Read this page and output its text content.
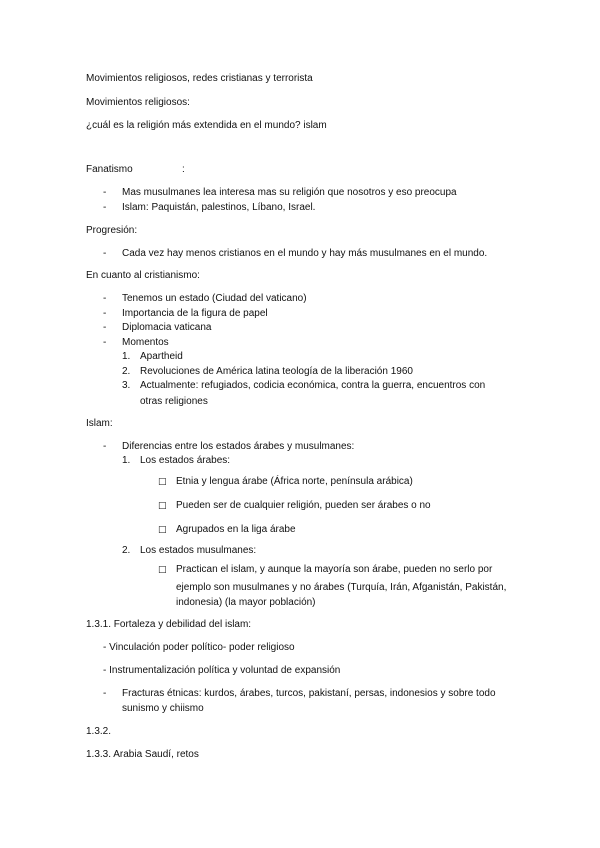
Movimientos religiosos, redes cristianas y terrorista
Movimientos religiosos:
¿cuál es la religión más extendida en el mundo? islam
Fanatismo	:
- Mas musulmanes lea interesa mas su religión que nosotros y eso preocupa
- Islam: Paquistán, palestinos, Líbano, Israel.
Progresión:
- Cada vez hay menos cristianos en el mundo y hay más musulmanes en el mundo.
En cuanto al cristianismo:
- Tenemos un estado (Ciudad del vaticano)
- Importancia de la figura de papel
- Diplomacia vaticana
- Momentos
1. Apartheid
2. Revoluciones de América latina teología de la liberación 1960
3. Actualmente: refugiados, codicia económica, contra la guerra, encuentros con
otras religiones
Islam:
- Diferencias entre los estados árabes y musulmanes:
1. Los estados árabes:
□ Etnia y lengua árabe (África norte, península arábica)
□ Pueden ser de cualquier religión, pueden ser árabes o no
□ Agrupados en la liga árabe
2. Los estados musulmanes:
□ Practican el islam, y aunque la mayoría son árabe, pueden no serlo por
ejemplo son musulmanes y no árabes (Turquía, Irán, Afganistán, Pakistán,
indonesia) (la mayor población)
1.3.1. Fortaleza y debilidad del islam:
- Vinculación poder político- poder religioso
- Instrumentalización política y voluntad de expansión
- Fracturas étnicas: kurdos, árabes, turcos, pakistaní, persas, indonesios y sobre todo
sunismo y chiismo
1.3.2.
1.3.3. Arabia Saudí, retos
